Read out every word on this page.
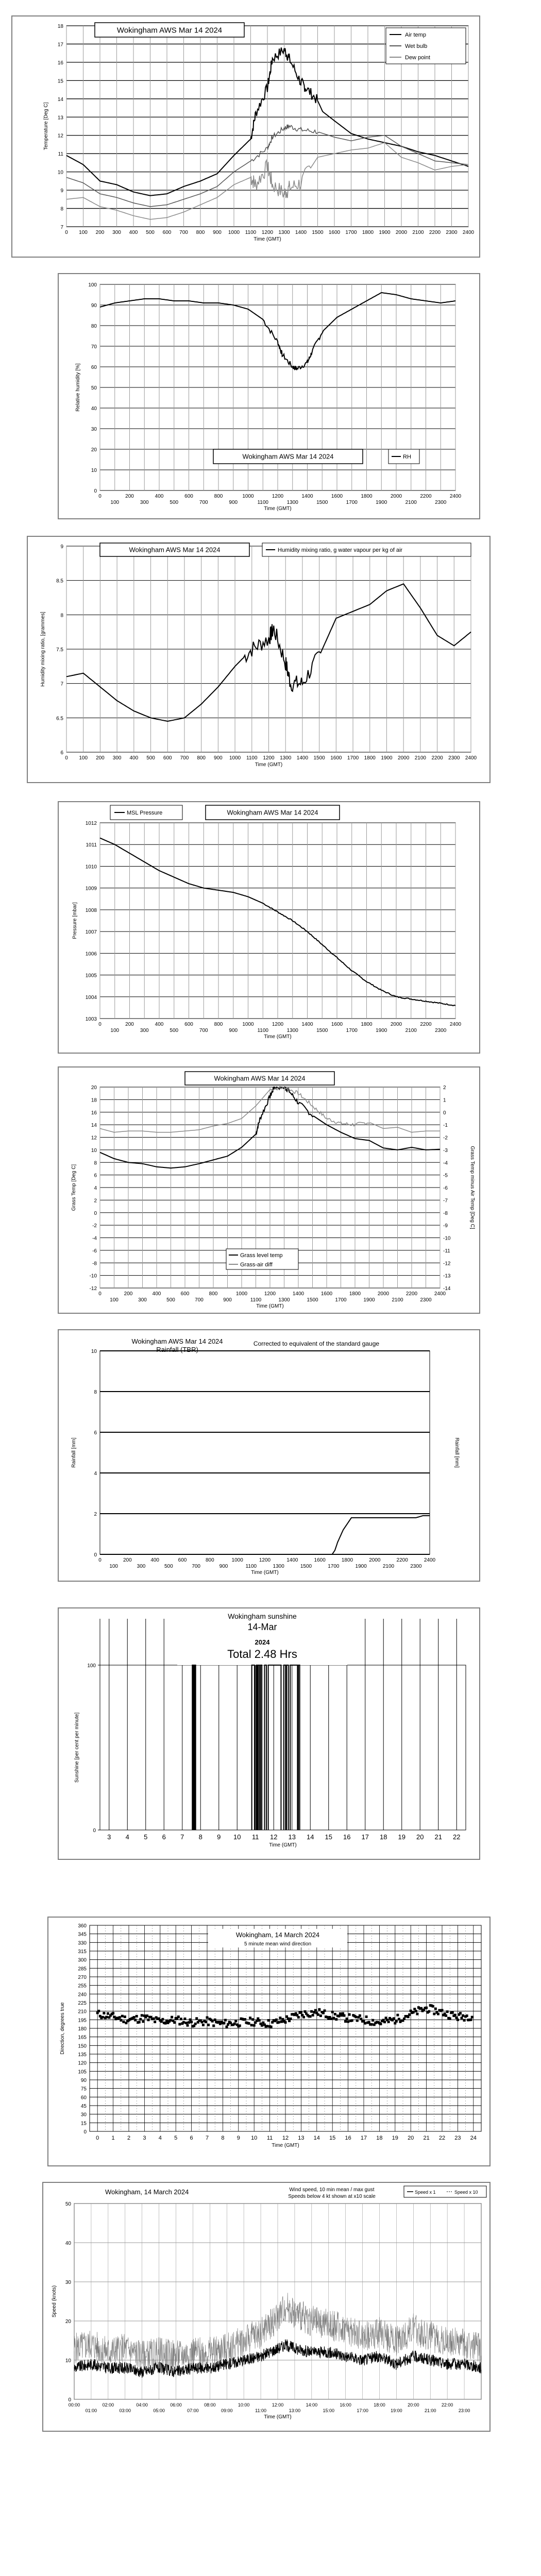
7
8
9
10
11
12
13
14
15
16
17
18
0 100 200 300 400 500 600 700 800 900 1000 1100 1200 1300 1400 1500 1600 1700 1800 1900 2000 2100 2200 2300 2400
Time (GMT)
Temperature [Deg C]
Wokingham AWS Mar 14 2024
Air temp
Wet bulb
Dew point
0
10
20
30
40
50
60
70
80
90
100
0	200	400	600	800	1000	1200	1400	1600	1800	2000	2200	2400
100	300	500	700	900	1100	1300	1500	1700	1900	2100	2300
Time (GMT)
Relative humidity [%]
Wokingham AWS Mar 14 2024	RH
6
6.5
7
7.5
8
8.5
9
0 100 200 300 400 500 600 700 800 900 1000 1100 1200 1300 1400 1500 1600 1700 1800 1900 2000 2100 2200 2300 2400
Time (GMT)
Humidity mixing ratio, [grammes]
Wokingham AWS Mar 14 2024	Humidity mixing ratio, g water vapour per kg of air
1003
1004
1005
1006
1007
1008
1009
1010
1011
1012
0	200	400	600	800	1000	1200	1400	1600	1800	2000	2200	2400
100	300	500	700	900	1100	1300	1500	1700	1900	2100	2300
Time (GMT)
Pressure [mbar]
MSL Pressure	Wokingham AWS Mar 14 2024
-12
-10
-8
-6
-4
-2
0
2
4
6
8
10
12
14
16
18
20
-14
-13
-12
-11
-10
-9
-8
-7
-6
-5
-4
-3
-2
-1
0
1
2
0	200	400	600	800	1000	1200	1400	1600	1800	2000	2200	2400
100	300	500	700	900	1100	1300	1500	1700	1900	2100	2300
Time (GMT)
Grass Temp [Deg C]	Grass Temp minus Air Temp [Deg C]
Wokingham AWS Mar 14 2024
Grass level temp
Grass-air diff
0
2
4
6
8
10
0	200	400	600	800	1000	1200	1400	1600	1800	2000	2200	2400
100	300	500	700	900	1100	1300	1500	1700	1900	2100	2300
Time (GMT)
Rainfall [mm]	Rainfall [mm]
Wokingham AWS Mar 14 2024
Rainfall (TBR)
Corrected to equivalent of the standard gauge
Wokingham sunshine
14-Mar
2024
Total 2.48 Hrs
0
100
Sunshine [per cent per minute]
3 4 5 6 7 8 9 10 11 12 13 14 15 16 17 18 19 20 21 22
Time (GMT)
0
15
30
45
60
75
90
105
120
135
150
165
180
195
210
225
240
255
270
285
300
315
330
345
360
0 1 2 3 4 5 6 7 8 9 10 11 12 13 14 15 16 17 18 19 20 21 22 23 24
Time (GMT)
Direction, degrees true
Wokingham, 14 March 2024
5 minute mean wind direction
0
10
20
30
40
50
00:00	02:00	04:00	06:00	08:00	10:00	12:00	14:00	16:00	18:00	20:00	22:00
01:00	03:00	05:00	07:00	09:00	11:00	13:00	15:00	17:00	19:00	21:00	23:00
Time (GMT)
Speed (knots)
Wokingham, 14 March 2024	Wind speed, 10 min mean / max gust
Speeds below 4 kt shown at x10 scale
Speed x 1	Speed x 10
